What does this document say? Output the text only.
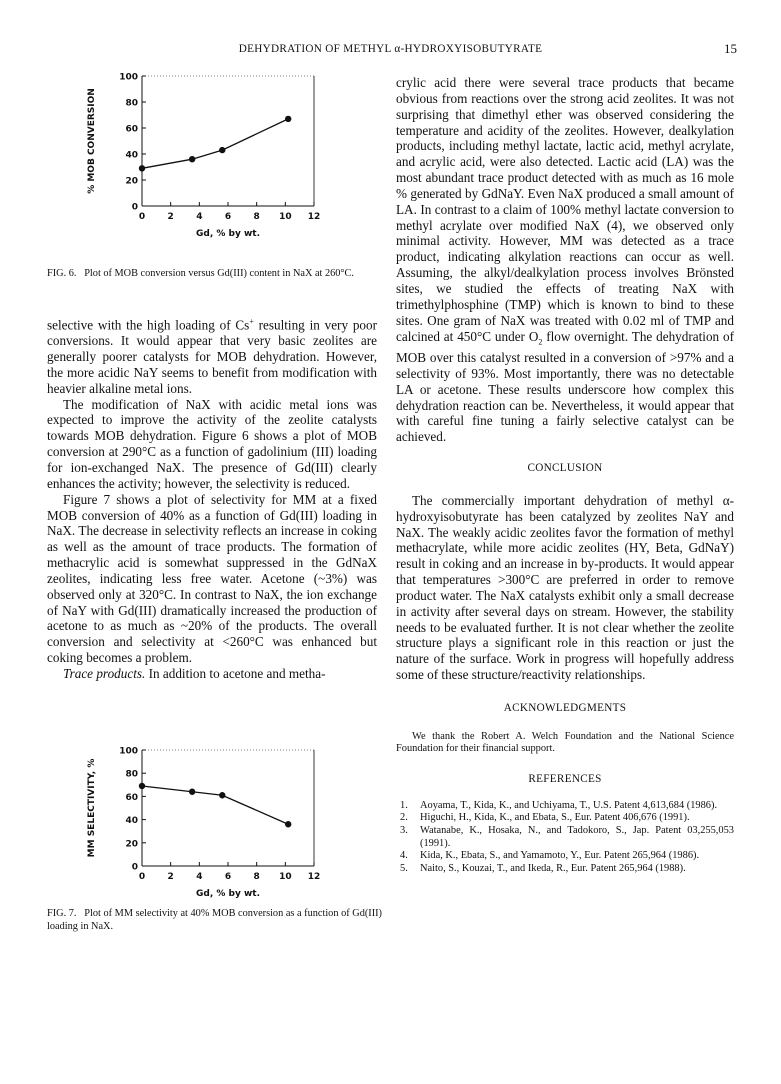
DEHYDRATION OF METHYL α-HYDROXYISOBUTYRATE	15
0
20
40
60
80
100
0 2 4 6 8 10 12
Gd, % by wt.
% MOB CONVERSION
FIG. 6. Plot of MOB conversion versus Gd(III) content in NaX at 260°C.

selective with the high loading of Cs+ resulting in very poor conversions. It would appear that very basic zeolites are generally poorer catalysts for MOB dehydration. However, the more acidic NaY seems to benefit from modification with heavier alkaline metal ions.

The modification of NaX with acidic metal ions was expected to improve the activity of the zeolite catalysts towards MOB dehydration. Figure 6 shows a plot of MOB conversion at 290°C as a function of gadolinium (III) loading for ion-exchanged NaX. The presence of Gd(III) clearly enhances the activity; however, the selectivity is reduced.

Figure 7 shows a plot of selectivity for MM at a fixed MOB conversion of 40% as a function of Gd(III) loading in NaX. The decrease in selectivity reflects an increase in coking as well as the amount of trace products. The formation of methacrylic acid is somewhat suppressed in the GdNaX zeolites, indicating less free water. Acetone (~3%) was observed only at 320°C. In contrast to NaX, the ion exchange of NaY with Gd(III) dramatically increased the production of acetone to as much as ~20% of the products. The overall conversion and selectivity at <260°C was enhanced but coking becomes a problem.

Trace products. In addition to acetone and metha-

0
20
40
60
80
100
0 2 4 6 8 10 12
Gd, % by wt.
MM SELECTIVITY, %
FIG. 7. Plot of MM selectivity at 40% MOB conversion as a function of Gd(III) loading in NaX.

crylic acid there were several trace products that became obvious from reactions over the strong acid zeolites. It was not surprising that dimethyl ether was observed considering the temperature and acidity of the zeolites. However, dealkylation products, including methyl lactate, lactic acid, methyl acrylate, and acrylic acid, were also detected. Lactic acid (LA) was the most abundant trace product detected with as much as 16 mole % generated by GdNaY. Even NaX produced a small amount of LA. In contrast to a claim of 100% methyl lactate conversion to methyl acrylate over modified NaX (4), we observed only minimal activity. However, MM was detected as a trace product, indicating alkylation reactions can occur as well. Assuming, the alkyl/dealkylation process involves Brönsted sites, we studied the effects of treating NaX with trimethylphosphine (TMP) which is known to bind to these sites. One gram of NaX was treated with 0.02 ml of TMP and calcined at 450°C under $O_2$ flow overnight. The dehydration of MOB over this catalyst resulted in a conversion of >97% and a selectivity of 93%. Most importantly, there was no detectable LA or acetone. These results underscore how complex this dehydration reaction can be. Nevertheless, it would appear that with careful fine tuning a fairly selective catalyst can be achieved.

CONCLUSION

The commercially important dehydration of methyl α-hydroxyisobutyrate has been catalyzed by zeolites NaY and NaX. The weakly acidic zeolites favor the formation of methyl methacrylate, while more acidic zeolites (HY, Beta, GdNaY) result in coking and an increase in by-products. It would appear that temperatures >300°C are preferred in order to remove product water. The NaX catalysts exhibit only a small decrease in activity after several days on stream. However, the stability needs to be evaluated further. It is not clear whether the zeolite structure plays a significant role in this reaction or just the nature of the surface. Work in progress will hopefully address some of these structure/reactivity relationships.

ACKNOWLEDGMENTS

We thank the Robert A. Welch Foundation and the National Science Foundation for their financial support.

REFERENCES
1. Aoyama, T., Kida, K., and Uchiyama, T., U.S. Patent 4,613,684 (1986).
2. Higuchi, H., Kida, K., and Ebata, S., Eur. Patent 406,676 (1991).
3. Watanabe, K., Hosaka, N., and Tadokoro, S., Jap. Patent 03,255,053 (1991).
4. Kida, K., Ebata, S., and Yamamoto, Y., Eur. Patent 265,964 (1986).
5. Naito, S., Kouzai, T., and Ikeda, R., Eur. Patent 265,964 (1988).
